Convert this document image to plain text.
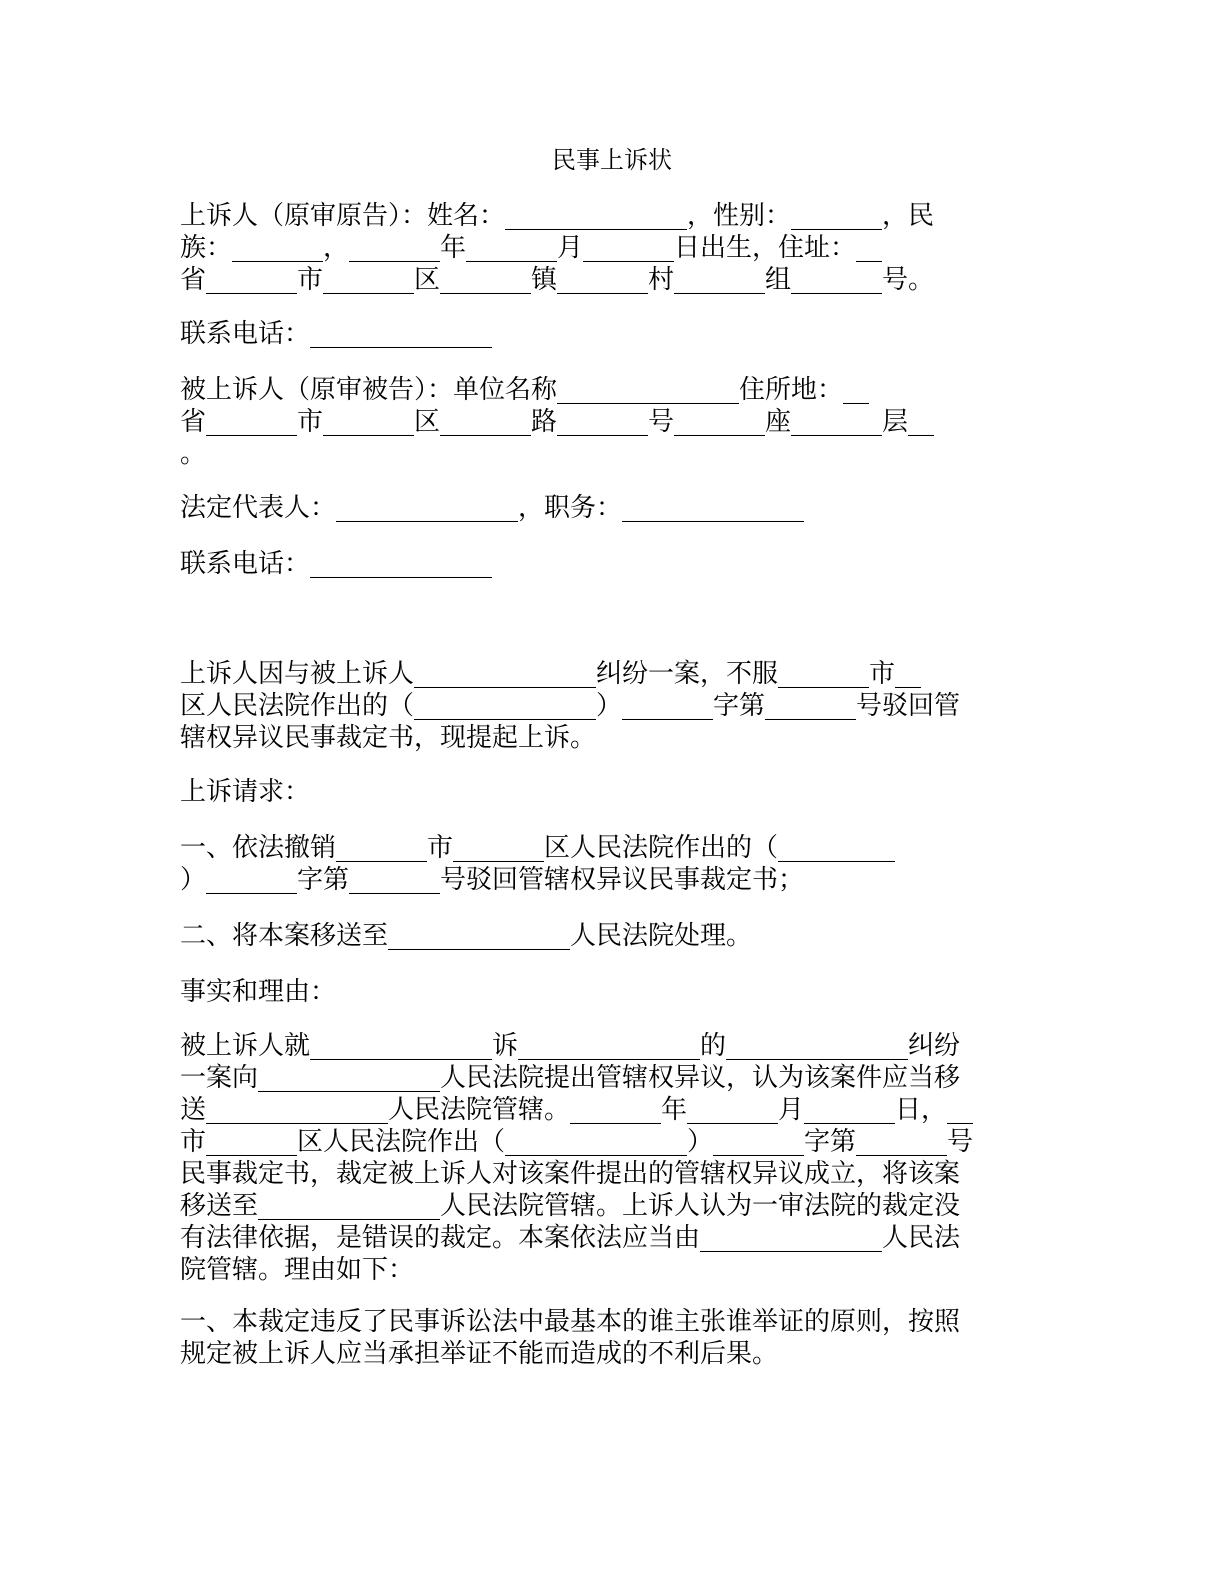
民事上诉状
上诉人（原审原告）：姓名：______________，性别：_______，民
族：_______，_______年_______月_______日出生，住址：__
省_______市_______区_______镇_______村_______组_______号。
联系电话：______________
被上诉人（原审被告）：单位名称______________住所地：__
省_______市_______区_______路_______号_______座_______层__
。
法定代表人：______________，职务：______________
联系电话：______________
上诉人因与被上诉人______________纠纷一案，不服_______市__
区人民法院作出的（______________）_______字第_______号驳回管
辖权异议民事裁定书，现提起上诉。
上诉请求：
一、依法撤销_______市_______区人民法院作出的（_________
）_______字第_______号驳回管辖权异议民事裁定书；
二、将本案移送至______________人民法院处理。
事实和理由：
被上诉人就______________诉______________的______________纠纷
一案向______________人民法院提出管辖权异议，认为该案件应当移
送______________人民法院管辖。_______年_______月_______日，__
市_______区人民法院作出（______________）_______字第_______号
民事裁定书，裁定被上诉人对该案件提出的管辖权异议成立，将该案
移送至______________人民法院管辖。上诉人认为一审法院的裁定没
有法律依据，是错误的裁定。本案依法应当由______________人民法
院管辖。理由如下：
一、本裁定违反了民事诉讼法中最基本的谁主张谁举证的原则，按照
规定被上诉人应当承担举证不能而造成的不利后果。
